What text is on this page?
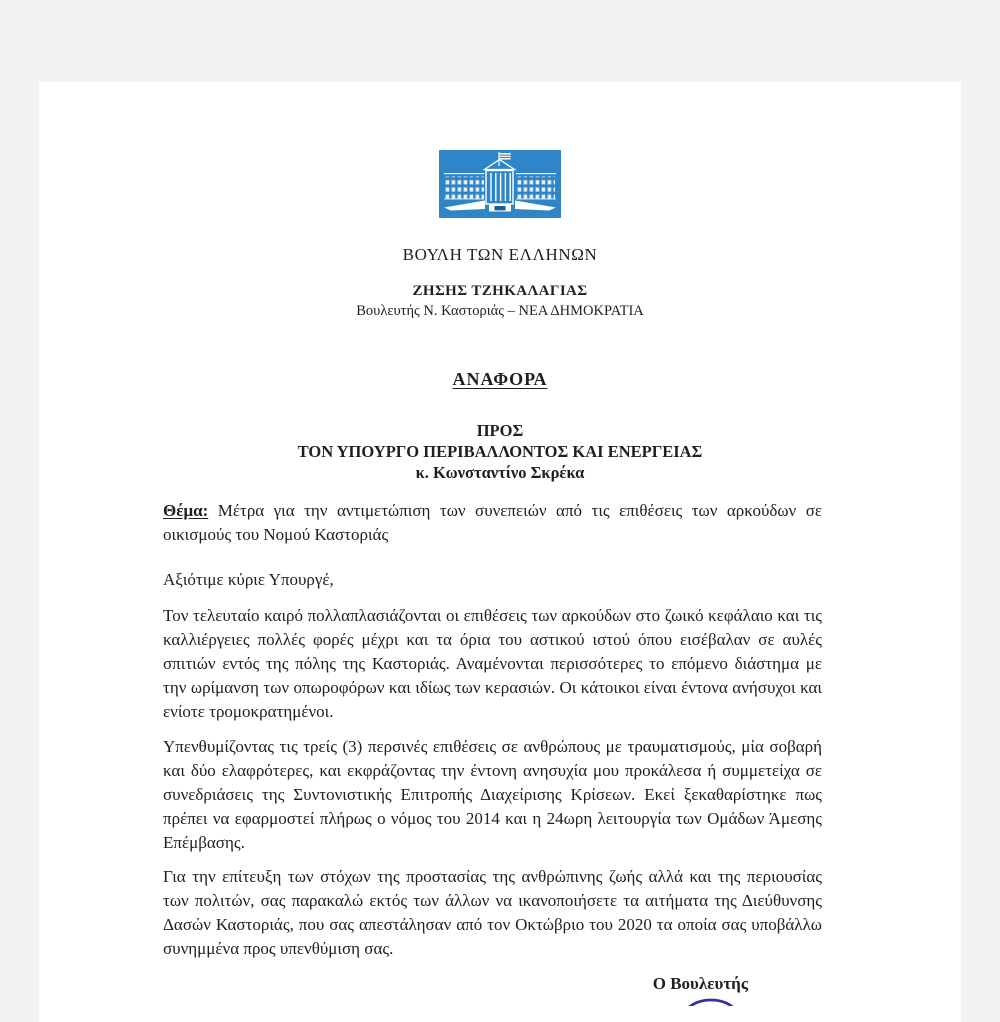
ΒΟΥΛΗ ΤΩΝ ΕΛΛΗΝΩΝ
ΖΗΣΗΣ ΤΖΗΚΑΛΑΓΙΑΣ
Βουλευτής Ν. Καστοριάς – ΝΕΑ ΔΗΜΟΚΡΑΤΙΑ
ΑΝΑΦΟΡΑ
ΠΡΟΣ
ΤΟΝ ΥΠΟΥΡΓΟ ΠΕΡΙΒΑΛΛΟΝΤΟΣ ΚΑΙ ΕΝΕΡΓΕΙΑΣ
κ. Κωνσταντίνο Σκρέκα

Θέμα: Μέτρα για την αντιμετώπιση των συνεπειών από τις επιθέσεις των αρκούδων σε οικισμούς του Νομού Καστοριάς

Αξιότιμε κύριε Υπουργέ,

Τον τελευταίο καιρό πολλαπλασιάζονται οι επιθέσεις των αρκούδων στο ζωικό κεφάλαιο και τις καλλιέργειες πολλές φορές μέχρι και τα όρια του αστικού ιστού όπου εισέβαλαν σε αυλές σπιτιών εντός της πόλης της Καστοριάς. Αναμένονται περισσότερες το επόμενο διάστημα με την ωρίμανση των οπωροφόρων και ιδίως των κερασιών. Οι κάτοικοι είναι έντονα ανήσυχοι και ενίοτε τρομοκρατημένοι.

Υπενθυμίζοντας τις τρείς (3) περσινές επιθέσεις σε ανθρώπους με τραυματισμούς, μία σοβαρή και δύο ελαφρότερες, και εκφράζοντας την έντονη ανησυχία μου προκάλεσα ή συμμετείχα σε συνεδριάσεις της Συντονιστικής Επιτροπής Διαχείρισης Κρίσεων. Εκεί ξεκαθαρίστηκε πως πρέπει να εφαρμοστεί πλήρως ο νόμος του 2014 και η 24ωρη λειτουργία των Ομάδων Άμεσης Επέμβασης.

Για την επίτευξη των στόχων της προστασίας της ανθρώπινης ζωής αλλά και της περιουσίας των πολιτών, σας παρακαλώ εκτός των άλλων να ικανοποιήσετε τα αιτήματα της Διεύθυνσης Δασών Καστοριάς, που σας απεστάλησαν από τον Οκτώβριο του 2020 τα οποία σας υποβάλλω συνημμένα προς υπενθύμιση σας.

Ο Βουλευτής
